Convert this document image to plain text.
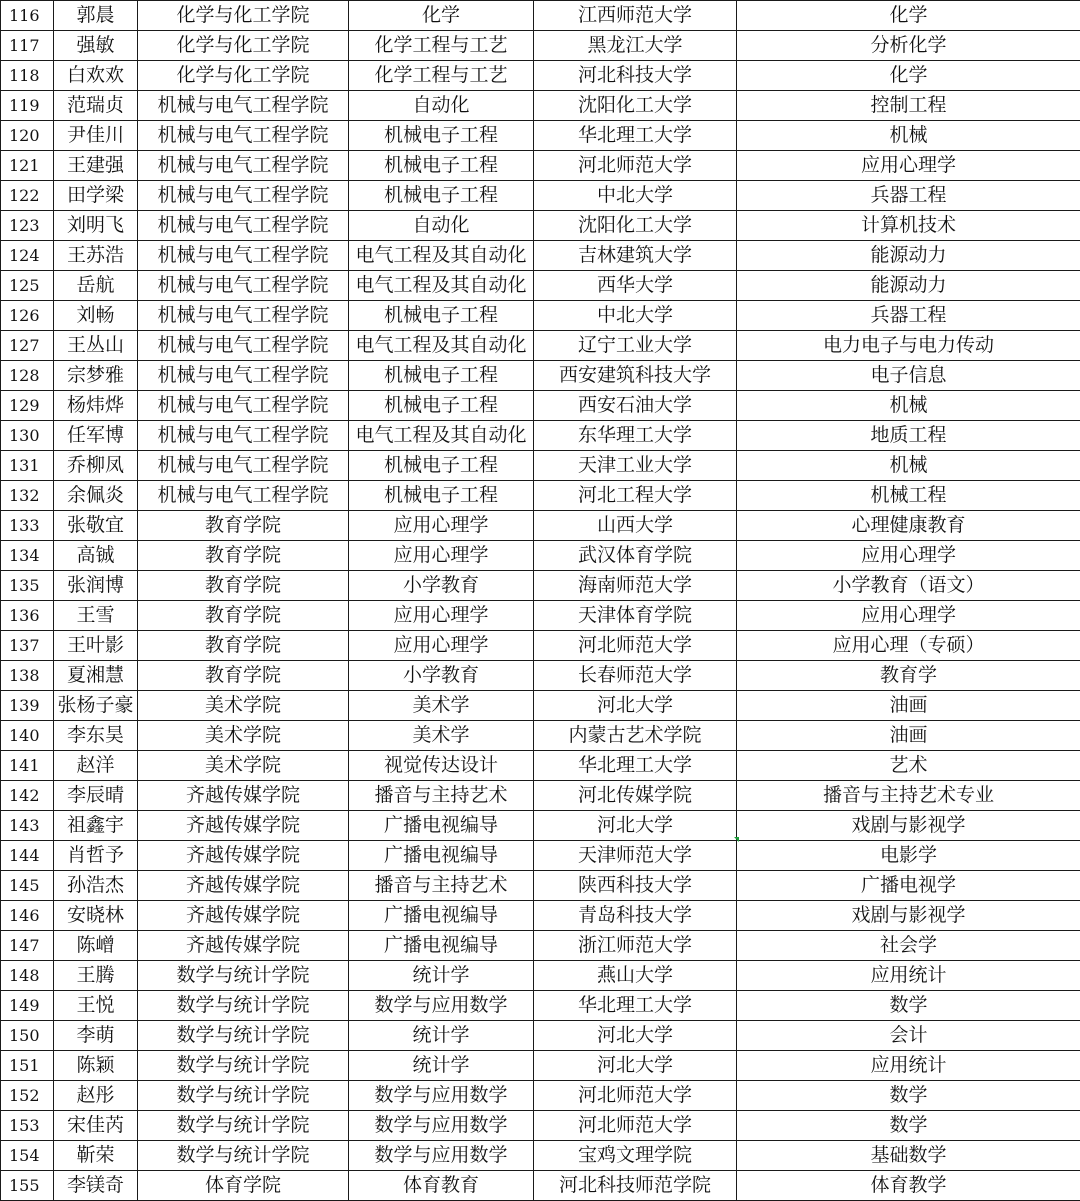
116	郭晨	化学与化工学院	化学	江西师范大学	化学
117	强敏	化学与化工学院	化学工程与工艺	黑龙江大学	分析化学
118	白欢欢	化学与化工学院	化学工程与工艺	河北科技大学	化学
119	范瑞贞	机械与电气工程学院	自动化	沈阳化工大学	控制工程
120	尹佳川	机械与电气工程学院	机械电子工程	华北理工大学	机械
121	王建强	机械与电气工程学院	机械电子工程	河北师范大学	应用心理学
122	田学梁	机械与电气工程学院	机械电子工程	中北大学	兵器工程
123	刘明飞	机械与电气工程学院	自动化	沈阳化工大学	计算机技术
124	王苏浩	机械与电气工程学院	电气工程及其自动化	吉林建筑大学	能源动力
125	岳航	机械与电气工程学院	电气工程及其自动化	西华大学	能源动力
126	刘畅	机械与电气工程学院	机械电子工程	中北大学	兵器工程
127	王丛山	机械与电气工程学院	电气工程及其自动化	辽宁工业大学	电力电子与电力传动
128	宗梦雅	机械与电气工程学院	机械电子工程	西安建筑科技大学	电子信息
129	杨炜烨	机械与电气工程学院	机械电子工程	西安石油大学	机械
130	任军博	机械与电气工程学院	电气工程及其自动化	东华理工大学	地质工程
131	乔柳凤	机械与电气工程学院	机械电子工程	天津工业大学	机械
132	余佩炎	机械与电气工程学院	机械电子工程	河北工程大学	机械工程
133	张敬宜	教育学院	应用心理学	山西大学	心理健康教育
134	高铖	教育学院	应用心理学	武汉体育学院	应用心理学
135	张润博	教育学院	小学教育	海南师范大学	小学教育（语文）
136	王雪	教育学院	应用心理学	天津体育学院	应用心理学
137	王叶影	教育学院	应用心理学	河北师范大学	应用心理（专硕）
138	夏湘慧	教育学院	小学教育	长春师范大学	教育学
139	张杨子豪	美术学院	美术学	河北大学	油画
140	李东昊	美术学院	美术学	内蒙古艺术学院	油画
141	赵洋	美术学院	视觉传达设计	华北理工大学	艺术
142	李辰晴	齐越传媒学院	播音与主持艺术	河北传媒学院	播音与主持艺术专业
143	祖鑫宇	齐越传媒学院	广播电视编导	河北大学	戏剧与影视学
144	肖哲予	齐越传媒学院	广播电视编导	天津师范大学	电影学
145	孙浩杰	齐越传媒学院	播音与主持艺术	陕西科技大学	广播电视学
146	安晓林	齐越传媒学院	广播电视编导	青岛科技大学	戏剧与影视学
147	陈嶒	齐越传媒学院	广播电视编导	浙江师范大学	社会学
148	王腾	数学与统计学院	统计学	燕山大学	应用统计
149	王悦	数学与统计学院	数学与应用数学	华北理工大学	数学
150	李萌	数学与统计学院	统计学	河北大学	会计
151	陈颖	数学与统计学院	统计学	河北大学	应用统计
152	赵彤	数学与统计学院	数学与应用数学	河北师范大学	数学
153	宋佳芮	数学与统计学院	数学与应用数学	河北师范大学	数学
154	靳荣	数学与统计学院	数学与应用数学	宝鸡文理学院	基础数学
155	李镁奇	体育学院	体育教育	河北科技师范学院	体育教学
